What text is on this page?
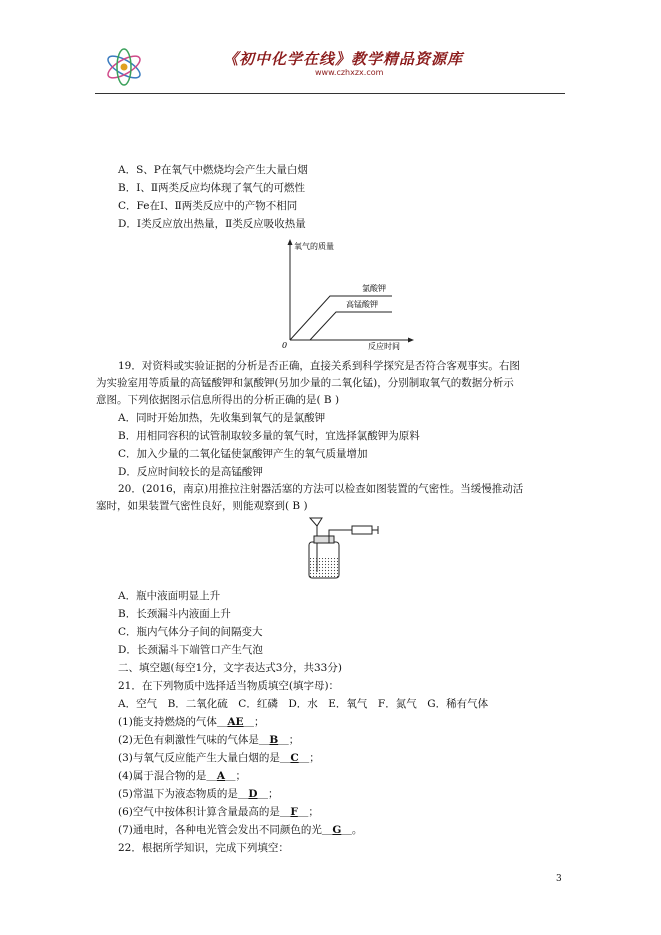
《初中化学在线》教学精品资源库
www.czhxzx.com
A．S、P在氧气中燃烧均会产生大量白烟
B．Ⅰ、Ⅱ两类反应均体现了氧气的可燃性
C．Fe在Ⅰ、Ⅱ两类反应中的产物不相同
D．Ⅰ类反应放出热量，Ⅱ类反应吸收热量
氧气的质量
氯酸钾
高锰酸钾
0	反应时间
19．对资料或实验证据的分析是否正确，直接关系到科学探究是否符合客观事实。右图
为实验室用等质量的高锰酸钾和氯酸钾(另加少量的二氧化锰)，分别制取氧气的数据分析示
意图。下列依据图示信息所得出的分析正确的是( B )
A．同时开始加热，先收集到氧气的是氯酸钾
B．用相同容积的试管制取较多量的氧气时，宜选择氯酸钾为原料
C．加入少量的二氧化锰使氯酸钾产生的氧气质量增加
D．反应时间较长的是高锰酸钾
20．(2016，南京)用推拉注射器活塞的方法可以检查如图装置的气密性。当缓慢推动活
塞时，如果装置气密性良好，则能观察到( B )
A．瓶中液面明显上升
B．长颈漏斗内液面上升
C．瓶内气体分子间的间隔变大
D．长颈漏斗下端管口产生气泡
二、填空题(每空1分，文字表达式3分，共33分)
21．在下列物质中选择适当物质填空(填字母)：
A．空气　B．二氧化硫　C．红磷　D．水　E．氧气　F．氮气　G．稀有气体
(1)能支持燃烧的气体＿AE＿；
(2)无色有刺激性气味的气体是＿B＿；
(3)与氧气反应能产生大量白烟的是＿C＿；
(4)属于混合物的是＿A＿；
(5)常温下为液态物质的是＿D＿；
(6)空气中按体积计算含量最高的是＿F＿；
(7)通电时，各种电光管会发出不同颜色的光＿G＿。
22．根据所学知识，完成下列填空：
3
